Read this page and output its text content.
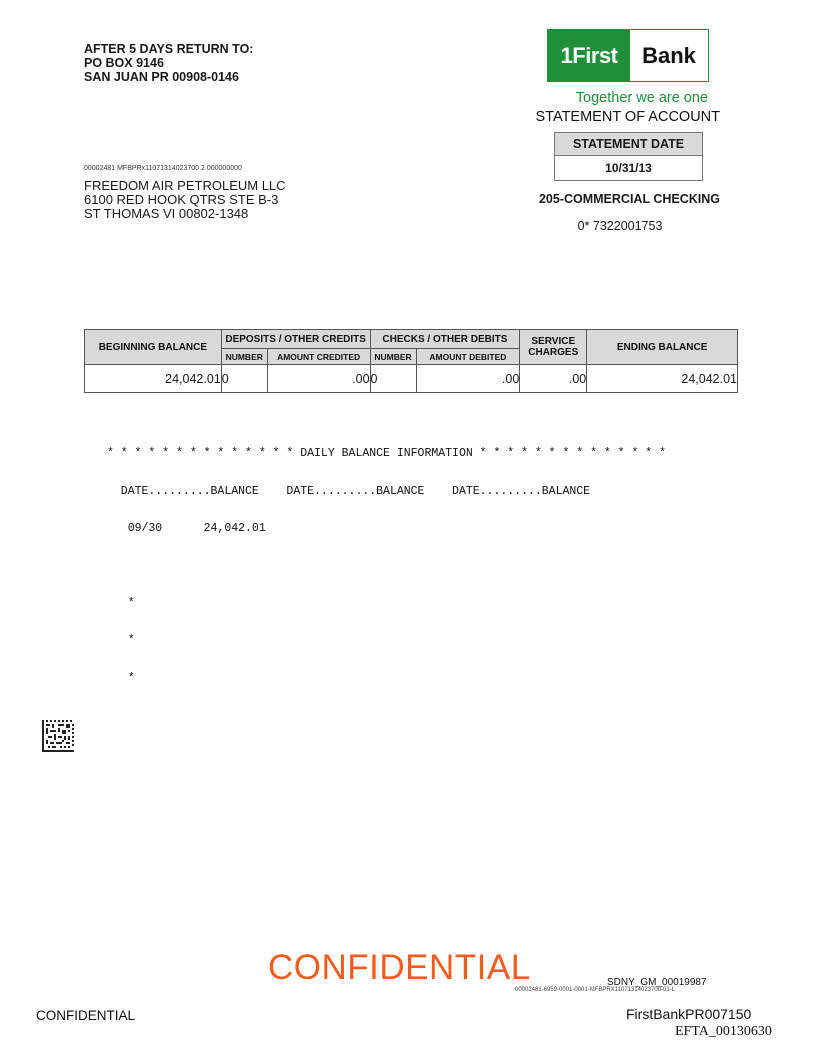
AFTER 5 DAYS RETURN TO:
PO BOX 9146
SAN JUAN PR 00908-0146
1First	Bank
Together we are one
STATEMENT OF ACCOUNT
STATEMENT DATE
10/31/13
00002481 MFBPRx11071314023700 2 000000000
FREEDOM AIR PETROLEUM LLC
6100 RED HOOK QTRS STE B-3
ST THOMAS VI 00802-1348
205-COMMERCIAL CHECKING
0* 7322001753
BEGINNING BALANCE	DEPOSITS / OTHER CREDITS		CHECKS / OTHER DEBITS		SERVICE CHARGES	ENDING BALANCE
	NUMBER	AMOUNT CREDITED	NUMBER	AMOUNT DEBITED		
24,042.01	0	.00	0	.00	.00	24,042.01

* * * * * * * * * * * * * * DAILY BALANCE INFORMATION * * * * * * * * * * * * * *

DATE.........BALANCE    DATE.........BALANCE    DATE.........BALANCE

09/30      24,042.01

*

*

*

CONFIDENTIAL	SDNY_GM_00019987
00002481-6959-0001-0001-MFBPRX11071314023700-01-L
CONFIDENTIAL	FirstBankPR007150
EFTA_00130630
